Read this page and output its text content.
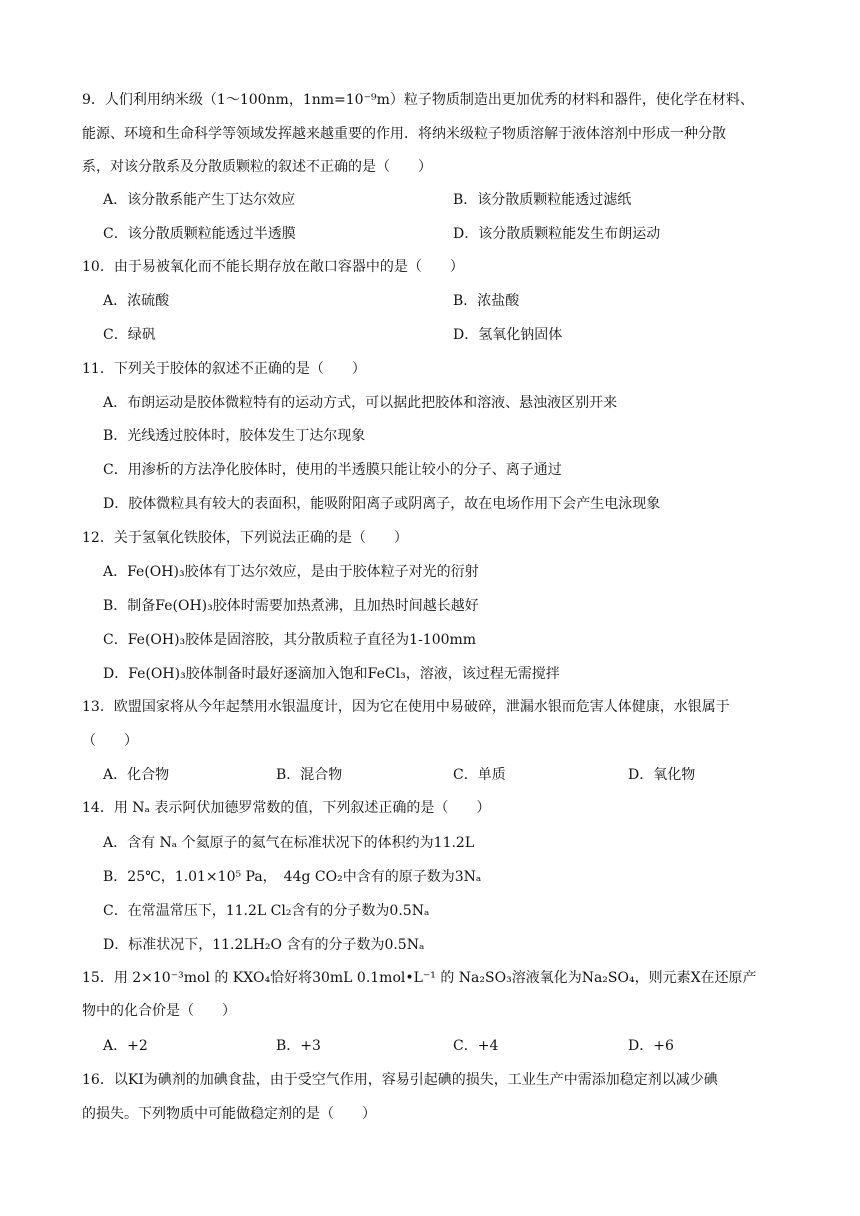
9．人们利用纳米级（1～100nm，1nm=10⁻⁹m）粒子物质制造出更加优秀的材料和器件，使化学在材料、
能源、环境和生命科学等领域发挥越来越重要的作用．将纳米级粒子物质溶解于液体溶剂中形成一种分散
系，对该分散系及分散质颗粒的叙述不正确的是（　　）
A．该分散系能产生丁达尔效应	B．该分散质颗粒能透过滤纸
C．该分散质颗粒能透过半透膜	D．该分散质颗粒能发生布朗运动
10．由于易被氧化而不能长期存放在敞口容器中的是（　　）
A．浓硫酸	B．浓盐酸
C．绿矾	D．氢氧化钠固体
11．下列关于胶体的叙述不正确的是（　　）
A．布朗运动是胶体微粒特有的运动方式，可以据此把胶体和溶液、悬浊液区别开来
B．光线透过胶体时，胶体发生丁达尔现象
C．用渗析的方法净化胶体时，使用的半透膜只能让较小的分子、离子通过
D．胶体微粒具有较大的表面积，能吸附阳离子或阴离子，故在电场作用下会产生电泳现象
12．关于氢氧化铁胶体，下列说法正确的是（　　）
A．Fe(OH)₃胶体有丁达尔效应，是由于胶体粒子对光的衍射
B．制备Fe(OH)₃胶体时需要加热煮沸，且加热时间越长越好
C．Fe(OH)₃胶体是固溶胶，其分散质粒子直径为1-100mm
D．Fe(OH)₃胶体制备时最好逐滴加入饱和FeCl₃，溶液，该过程无需搅拌
13．欧盟国家将从今年起禁用水银温度计，因为它在使用中易破碎，泄漏水银而危害人体健康，水银属于
（　　）
A．化合物	B．混合物	C．单质	D．氧化物
14．用 Nₐ 表示阿伏加德罗常数的值，下列叙述正确的是（　　）
A．含有 Nₐ 个氦原子的氦气在标准状况下的体积约为11.2L
B．25℃，1.01×10⁵ Pa，　44g CO₂中含有的原子数为3Nₐ
C．在常温常压下，11.2L Cl₂含有的分子数为0.5Nₐ
D．标准状况下，11.2LH₂O 含有的分子数为0.5Nₐ
15．用 2×10⁻³mol 的 KXO₄恰好将30mL 0.1mol•L⁻¹ 的 Na₂SO₃溶液氧化为Na₂SO₄，则元素X在还原产
物中的化合价是（　　）
A．+2	B．+3	C．+4	D．+6
16．以KI为碘剂的加碘食盐，由于受空气作用，容易引起碘的损失，工业生产中需添加稳定剂以减少碘
的损失。下列物质中可能做稳定剂的是（　　）
